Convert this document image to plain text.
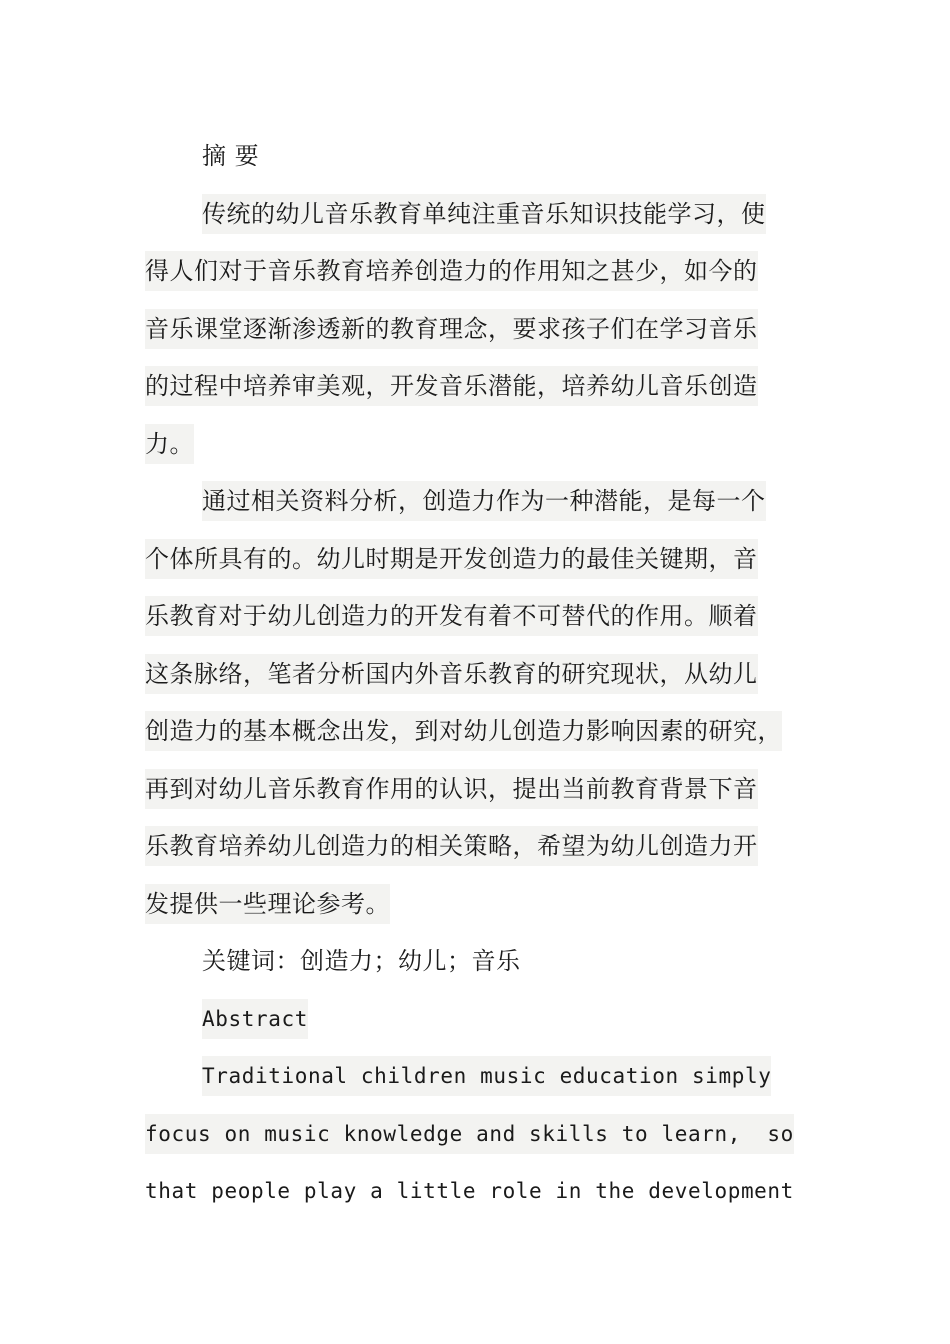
摘 要
传统的幼儿音乐教育单纯注重音乐知识技能学习，使
得人们对于音乐教育培养创造力的作用知之甚少，如今的
音乐课堂逐渐渗透新的教育理念，要求孩子们在学习音乐
的过程中培养审美观，开发音乐潜能，培养幼儿音乐创造
力。
通过相关资料分析，创造力作为一种潜能，是每一个
个体所具有的。幼儿时期是开发创造力的最佳关键期，音
乐教育对于幼儿创造力的开发有着不可替代的作用。顺着
这条脉络，笔者分析国内外音乐教育的研究现状，从幼儿
创造力的基本概念出发，到对幼儿创造力影响因素的研究，
再到对幼儿音乐教育作用的认识，提出当前教育背景下音
乐教育培养幼儿创造力的相关策略，希望为幼儿创造力开
发提供一些理论参考。
关键词：创造力；幼儿；音乐
Abstract
Traditional children music education simply
focus on music knowledge and skills to learn,  so
that people play a little role in the development
